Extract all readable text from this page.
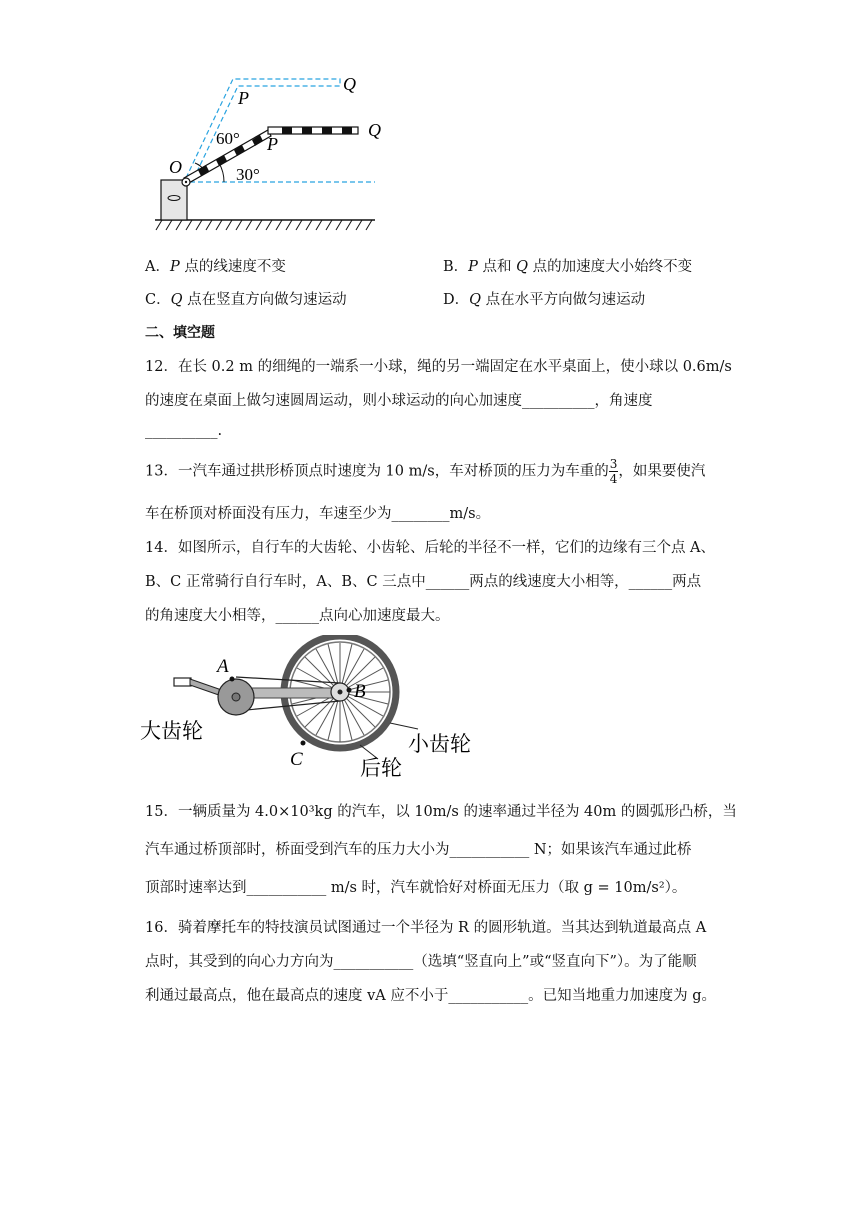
Q
P
Q
P
O
60°
30°
A．P 点的线速度不变	B．P 点和 Q 点的加速度大小始终不变
C．Q 点在竖直方向做匀速运动	D．Q 点在水平方向做匀速运动
二、填空题
12．在长 0.2 m 的细绳的一端系一小球，绳的另一端固定在水平桌面上，使小球以 0.6m/s
的速度在桌面上做匀速圆周运动，则小球运动的向心加速度__________，角速度
__________.
13．一汽车通过拱形桥顶点时速度为 10 m/s，车对桥顶的压力为车重的 $\frac{3}{4}$ ，如果要使汽
车在桥顶对桥面没有压力，车速至少为________m/s。
14．如图所示，自行车的大齿轮、小齿轮、后轮的半径不一样，它们的边缘有三个点 A、
B、C 正常骑行自行车时，A、B、C 三点中______两点的线速度大小相等，______两点
的角速度大小相等，______点向心加速度最大。
A
B
C
大齿轮
小齿轮
后轮
15．一辆质量为 4.0×10³kg 的汽车，以 10m/s 的速率通过半径为 40m 的圆弧形凸桥，当
汽车通过桥顶部时，桥面受到汽车的压力大小为___________ N；如果该汽车通过此桥
顶部时速率达到___________ m/s 时，汽车就恰好对桥面无压力（取 g = 10m/s²）。
16．骑着摩托车的特技演员试图通过一个半径为 R 的圆形轨道。当其达到轨道最高点 A
点时，其受到的向心力方向为___________（选填“竖直向上”或“竖直向下”）。为了能顺
利通过最高点，他在最高点的速度 vA 应不小于___________。已知当地重力加速度为 g。
